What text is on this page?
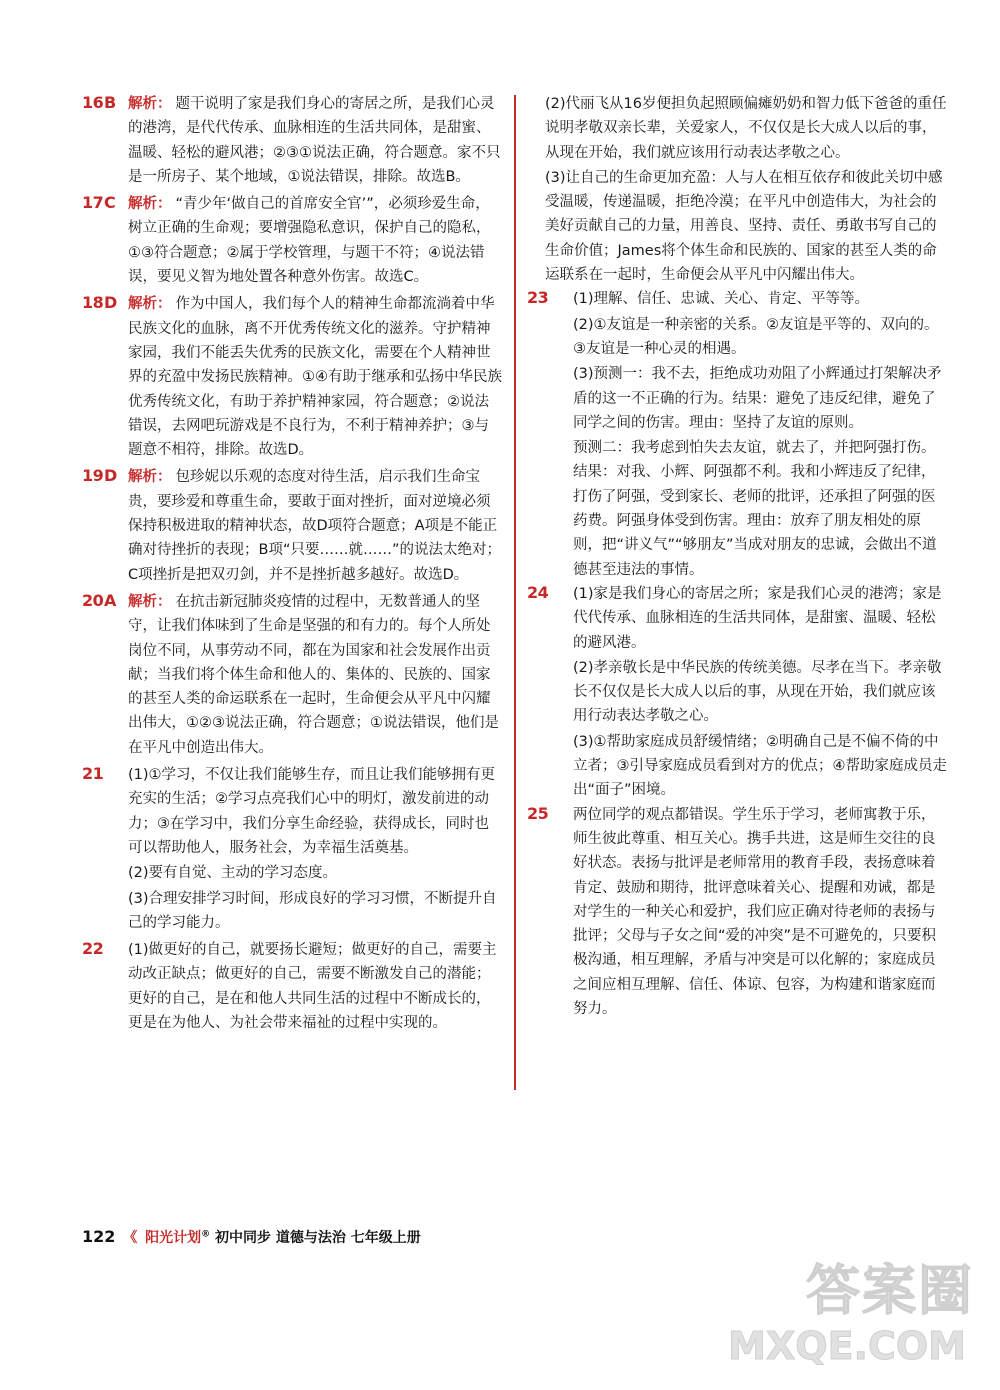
16 B 解析： 题干说明了家是我们身心的寄居之所，是我们心灵的港湾，是代代传承、血脉相连的生活共同体，是甜蜜、温暖、轻松的避风港；②③①说法正确，符合题意。家不只是一所房子、某个地域，①说法错误，排除。故选B。
17 C 解析： “青少年‘做自己的首席安全官’”，必须珍爱生命，树立正确的生命观；要增强隐私意识，保护自己的隐私，①③符合题意；②属于学校管理，与题干不符；④说法错误，要见义智为地处置各种意外伤害。故选C。
18 D 解析： 作为中国人，我们每个人的精神生命都流淌着中华民族文化的血脉，离不开优秀传统文化的滋养。守护精神家园，我们不能丢失优秀的民族文化，需要在个人精神世界的充盈中发扬民族精神。①④有助于继承和弘扬中华民族优秀传统文化，有助于养护精神家园，符合题意；②说法错误，去网吧玩游戏是不良行为，不利于精神养护；③与题意不相符，排除。故选D。
19 D 解析： 包珍妮以乐观的态度对待生活，启示我们生命宝贵，要珍爱和尊重生命，要敢于面对挫折，面对逆境必须保持积极进取的精神状态，故D项符合题意；A项是不能正确对待挫折的表现；B项“只要……就……”的说法太绝对；C项挫折是把双刃剑，并不是挫折越多越好。故选D。
20 A 解析： 在抗击新冠肺炎疫情的过程中，无数普通人的坚守，让我们体味到了生命是坚强的和有力的。每个人所处岗位不同，从事劳动不同，都在为国家和社会发展作出贡献；当我们将个体生命和他人的、集体的、民族的、国家的甚至人类的命运联系在一起时，生命便会从平凡中闪耀出伟大，①②③说法正确，符合题意；①说法错误，他们是在平凡中创造出伟大。
21 (1)①学习，不仅让我们能够生存，而且让我们能够拥有更充实的生活；②学习点亮我们心中的明灯，激发前进的动力；③在学习中，我们分享生命经验，获得成长，同时也可以帮助他人，服务社会，为幸福生活奠基。
(2)要有自觉、主动的学习态度。
(3)合理安排学习时间，形成良好的学习习惯，不断提升自己的学习能力。
22 (1)做更好的自己，就要扬长避短；做更好的自己，需要主动改正缺点；做更好的自己，需要不断激发自己的潜能；更好的自己，是在和他人共同生活的过程中不断成长的，更是在为他人、为社会带来福祉的过程中实现的。
(2)代丽飞从16岁便担负起照顾偏瘫奶奶和智力低下爸爸的重任说明孝敬双亲长辈，关爱家人，不仅仅是长大成人以后的事，从现在开始，我们就应该用行动表达孝敬之心。
(3)让自己的生命更加充盈：人与人在相互依存和彼此关切中感受温暖，传递温暖，拒绝冷漠；在平凡中创造伟大，为社会的美好贡献自己的力量，用善良、坚持、责任、勇敢书写自己的生命价值；James将个体生命和民族的、国家的甚至人类的命运联系在一起时，生命便会从平凡中闪耀出伟大。
23 (1)理解、信任、忠诚、关心、肯定、平等等。
(2)①友谊是一种亲密的关系。②友谊是平等的、双向的。③友谊是一种心灵的相遇。
(3)预测一：我不去，拒绝成功劝阻了小辉通过打架解决矛盾的这一不正确的行为。结果：避免了违反纪律，避免了同学之间的伤害。理由：坚持了友谊的原则。
预测二：我考虑到怕失去友谊，就去了，并把阿强打伤。结果：对我、小辉、阿强都不利。我和小辉违反了纪律，打伤了阿强，受到家长、老师的批评，还承担了阿强的医药费。阿强身体受到伤害。理由：放弃了朋友相处的原则，把“讲义气”“够朋友”当成对朋友的忠诚，会做出不道德甚至违法的事情。
24 (1)家是我们身心的寄居之所；家是我们心灵的港湾；家是代代传承、血脉相连的生活共同体，是甜蜜、温暖、轻松的避风港。
(2)孝亲敬长是中华民族的传统美德。尽孝在当下。孝亲敬长不仅仅是长大成人以后的事，从现在开始，我们就应该用行动表达孝敬之心。
(3)①帮助家庭成员舒缓情绪；②明确自己是不偏不倚的中立者；③引导家庭成员看到对方的优点；④帮助家庭成员走出“面子”困境。
25 两位同学的观点都错误。学生乐于学习，老师寓教于乐，师生彼此尊重、相互关心。携手共进，这是师生交往的良好状态。表扬与批评是老师常用的教育手段，表扬意味着肯定、鼓励和期待，批评意味着关心、提醒和劝诫，都是对学生的一种关心和爱护，我们应正确对待老师的表扬与批评；父母与子女之间“爱的冲突”是不可避免的，只要积极沟通，相互理解，矛盾与冲突是可以化解的；家庭成员之间应相互理解、信任、体谅、包容，为构建和谐家庭而努力。
122 《 阳光计划® 初中同步 道德与法治 七年级上册
答案圈
MXQE.COM
